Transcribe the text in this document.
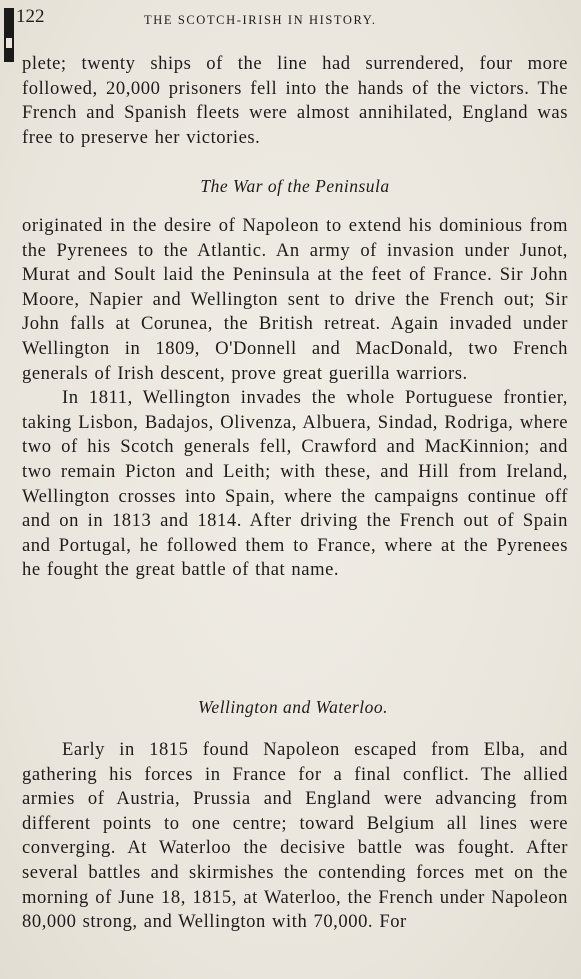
122	THE SCOTCH-IRISH IN HISTORY.

plete; twenty ships of the line had surrendered, four more followed, 20,000 prisoners fell into the hands of the victors. The French and Spanish fleets were almost annihilated, England was free to preserve her victories.

The War of the Peninsula

originated in the desire of Napoleon to extend his dominious from the Pyrenees to the Atlantic. An army of invasion under Junot, Murat and Soult laid the Peninsula at the feet of France. Sir John Moore, Napier and Wellington sent to drive the French out; Sir John falls at Corunea, the British retreat. Again invaded under Wellington in 1809, O'Donnell and MacDonald, two French generals of Irish descent, prove great guerilla warriors.

In 1811, Wellington invades the whole Portuguese frontier, taking Lisbon, Badajos, Olivenza, Albuera, Sindad, Rodriga, where two of his Scotch generals fell, Crawford and MacKinnion; and two remain Picton and Leith; with these, and Hill from Ireland, Wellington crosses into Spain, where the campaigns continue off and on in 1813 and 1814. After driving the French out of Spain and Portugal, he followed them to France, where at the Pyrenees he fought the great battle of that name.

Wellington and Waterloo.

Early in 1815 found Napoleon escaped from Elba, and gathering his forces in France for a final conflict. The allied armies of Austria, Prussia and England were advancing from different points to one centre; toward Belgium all lines were converging. At Waterloo the decisive battle was fought. After several battles and skirmishes the contending forces met on the morning of June 18, 1815, at Waterloo, the French under Napoleon 80,000 strong, and Wellington with 70,000. For
